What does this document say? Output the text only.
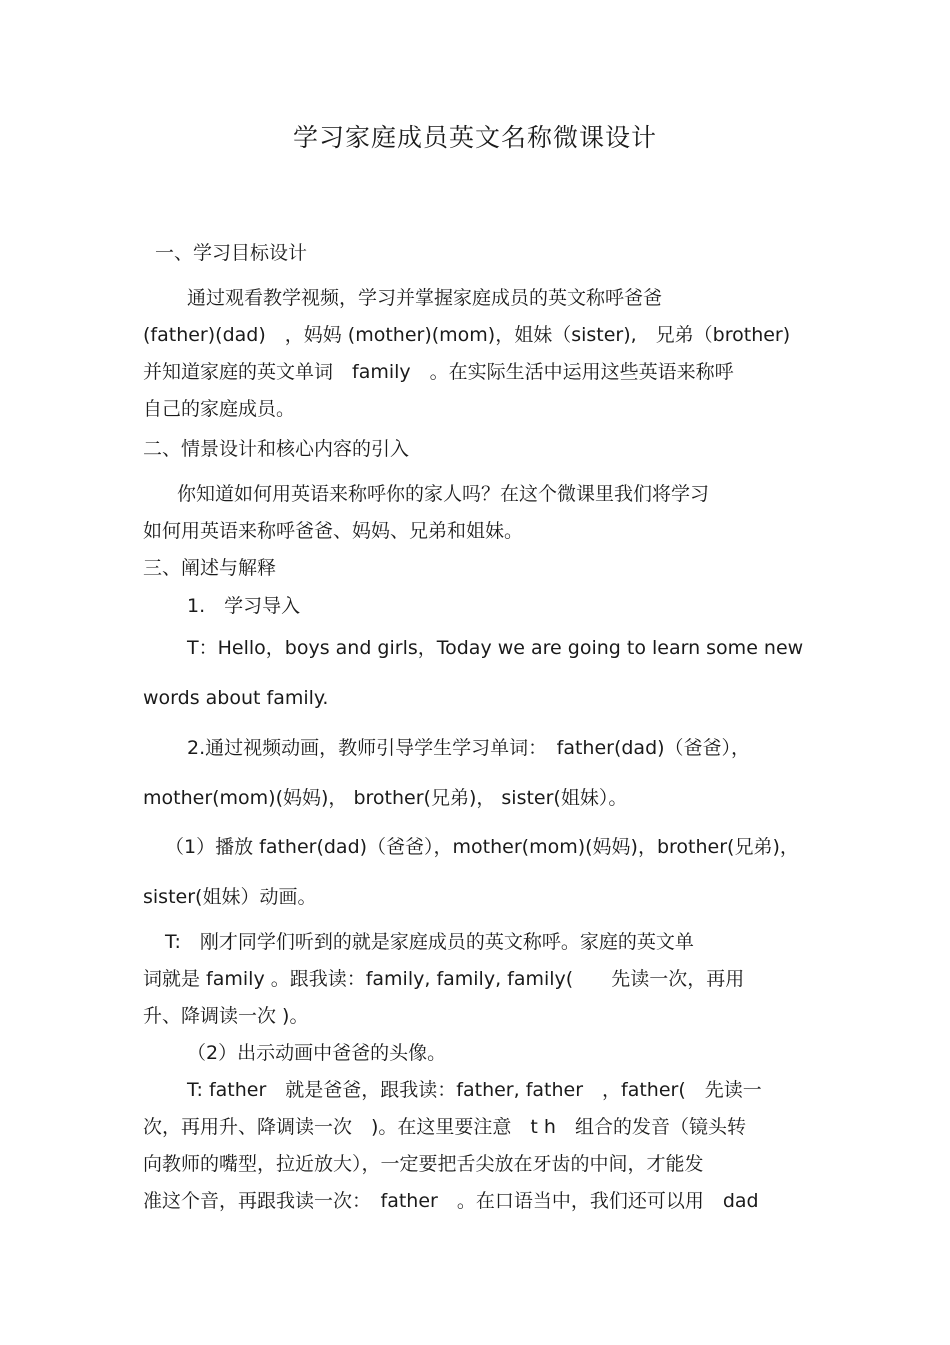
学习家庭成员英文名称微课设计
一、学习目标设计
通过观看教学视频，学习并掌握家庭成员的英文称呼爸爸
(father)(dad)　，妈妈 (mother)(mom)，姐妹（sister),　兄弟（brother)
并知道家庭的英文单词　family　。在实际生活中运用这些英语来称呼
自己的家庭成员。
二、情景设计和核心内容的引入
你知道如何用英语来称呼你的家人吗？在这个微课里我们将学习
如何用英语来称呼爸爸、妈妈、兄弟和姐妹。
三、阐述与解释
1.　学习导入
T：Hello，boys and girls，Today we are going to learn some new
words about family.
2.通过视频动画，教师引导学生学习单词：　father(dad)（爸爸），
mother(mom)(妈妈)， brother(兄弟)， sister(姐妹）。
（1）播放 father(dad)（爸爸），mother(mom)(妈妈)，brother(兄弟)，
sister(姐妹）动画。
T:　刚才同学们听到的就是家庭成员的英文称呼。家庭的英文单
词就是 family 。跟我读：family, family, family(　　先读一次，再用
升、降调读一次 )。
（2）出示动画中爸爸的头像。
T: father　就是爸爸，跟我读：father, father　，father(　先读一
次，再用升、降调读一次　)。在这里要注意　t h　组合的发音（镜头转
向教师的嘴型，拉近放大），一定要把舌尖放在牙齿的中间，才能发
准这个音，再跟我读一次：　father　。在口语当中，我们还可以用　dad
